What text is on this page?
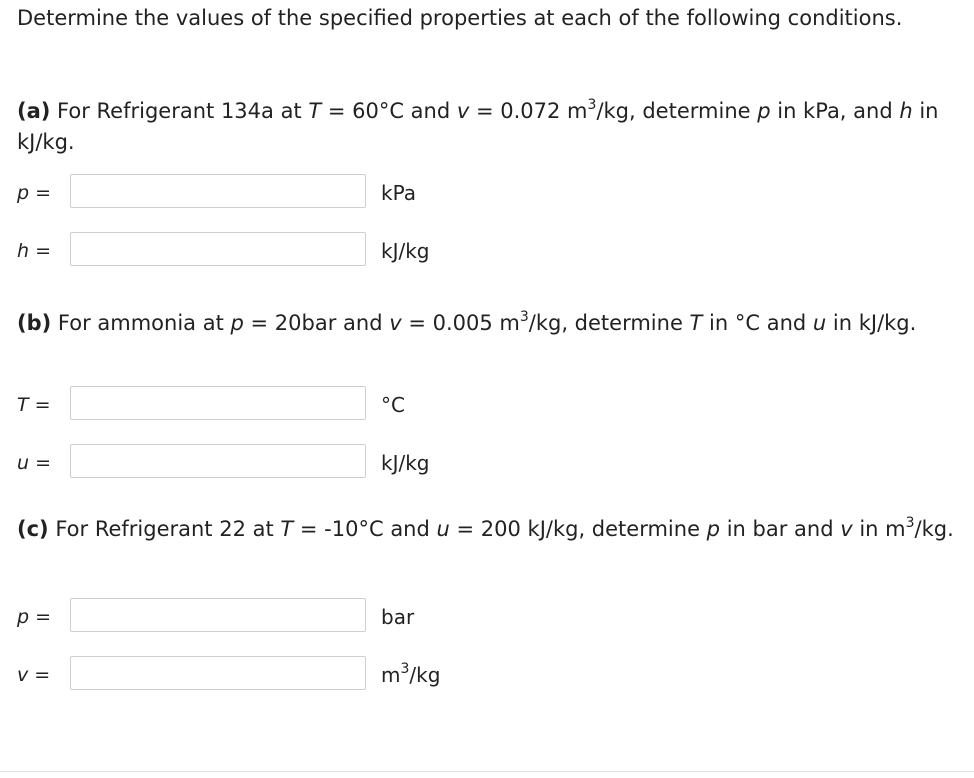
Determine the values of the specified properties at each of the following conditions.
(a) For Refrigerant 134a at T = 60°C and v = 0.072 $m^3/kg$, determine p in kPa, and h in kJ/kg.
p =	kPa
h =	kJ/kg
(b) For ammonia at p = 20bar and v = 0.005 $m^3/kg$, determine T in °C and u in kJ/kg.
T =	°C
u =	kJ/kg
(c) For Refrigerant 22 at T = -10°C and u = 200 kJ/kg, determine p in bar and v in $m^3/kg$.
p =	bar
v =	$m^3/kg$
